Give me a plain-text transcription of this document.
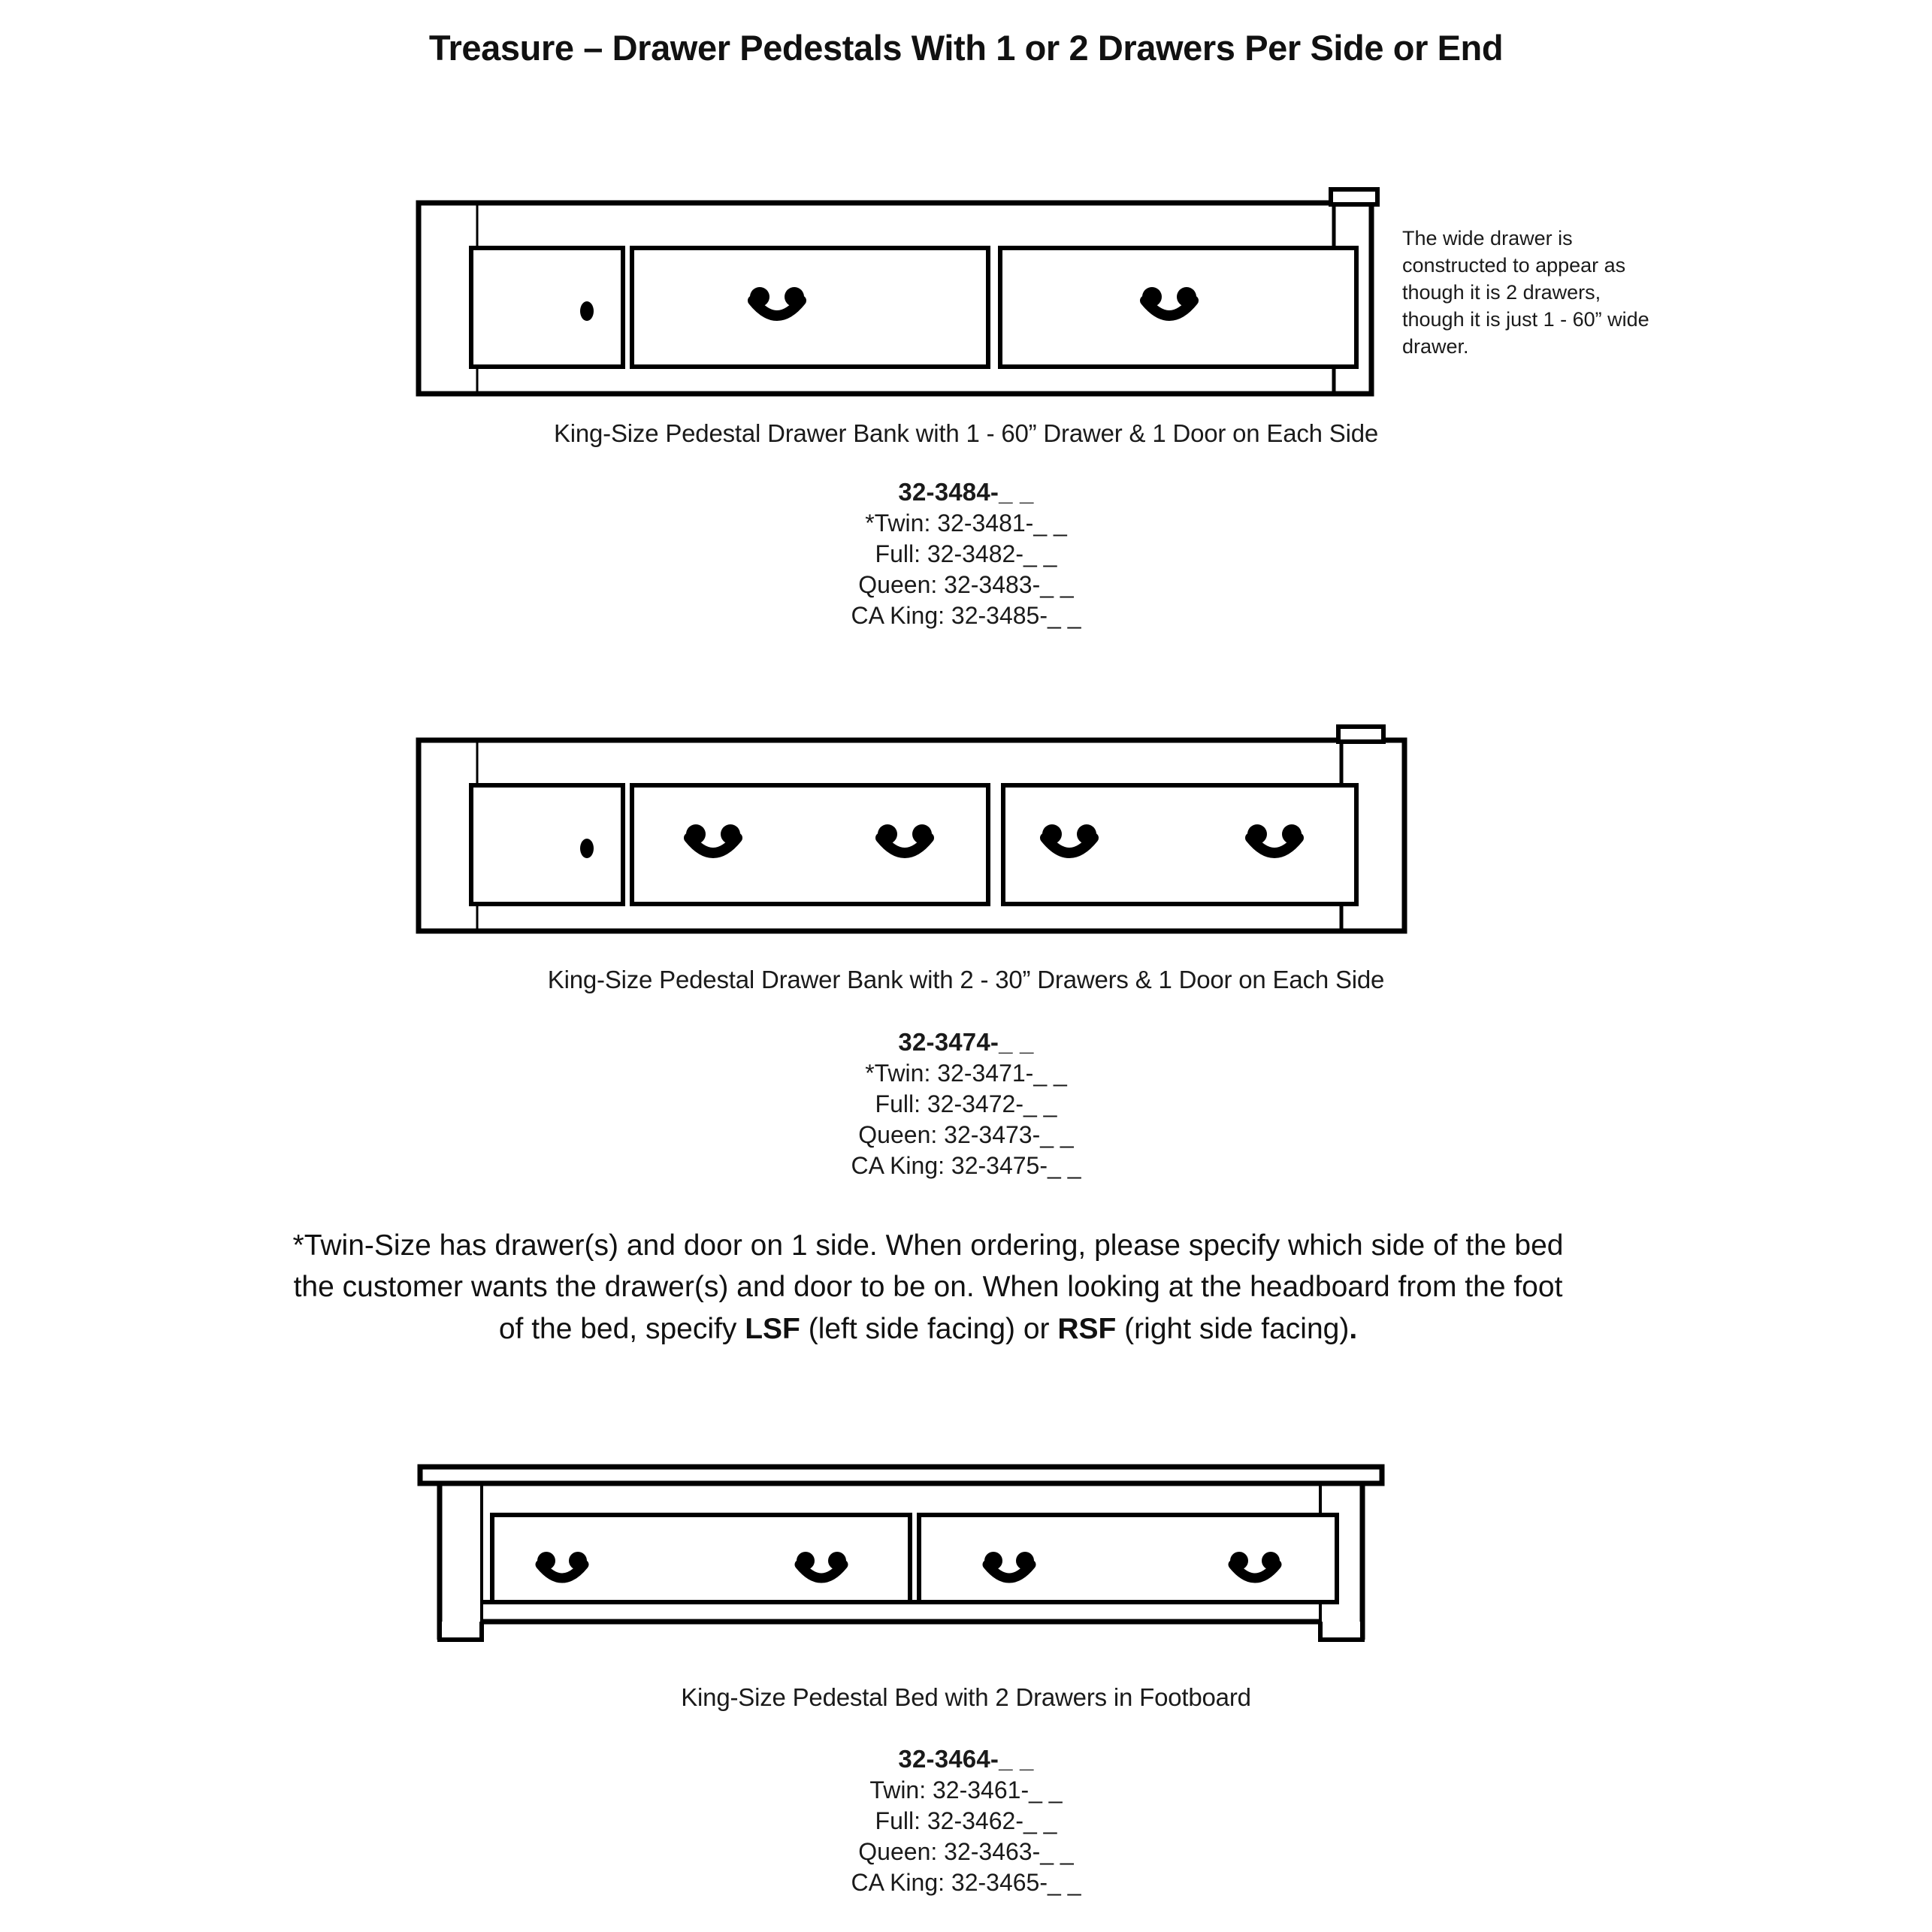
Treasure – Drawer Pedestals With 1 or 2 Drawers Per Side or End
The wide drawer is constructed to appear as though it is 2 drawers, though it is just 1 - 60” wide drawer.
King-Size Pedestal Drawer Bank with 1 - 60” Drawer & 1 Door on Each Side
32-3484-_ _
*Twin: 32-3481-_ _
Full: 32-3482-_ _
Queen: 32-3483-_ _
CA King: 32-3485-_ _
King-Size Pedestal Drawer Bank with 2 - 30” Drawers & 1 Door on Each Side
32-3474-_ _
*Twin: 32-3471-_ _
Full: 32-3472-_ _
Queen: 32-3473-_ _
CA King: 32-3475-_ _
*Twin-Size has drawer(s) and door on 1 side. When ordering, please specify which side of the bed the customer wants the drawer(s) and door to be on. When looking at the headboard from the foot of the bed, specify LSF (left side facing) or RSF (right side facing).
King-Size Pedestal Bed with 2 Drawers in Footboard
32-3464-_ _
Twin: 32-3461-_ _
Full: 32-3462-_ _
Queen: 32-3463-_ _
CA King: 32-3465-_ _
